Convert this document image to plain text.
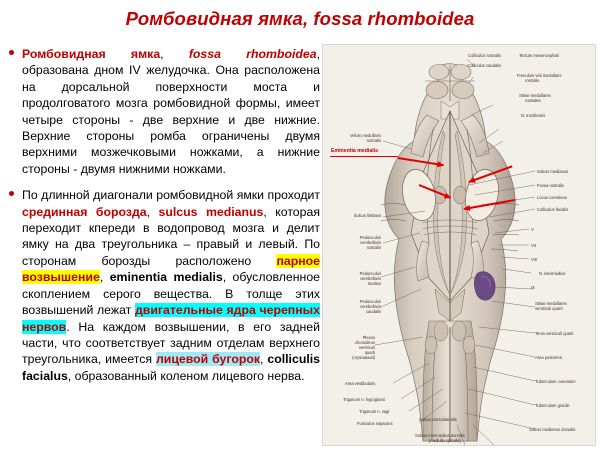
Ромбовидная ямка, fossa rhomboidea
Ромбовидная ямка, fossa rhomboidea, образована дном IV желудочка. Она расположена на дорсальной поверхности моста и продолговатого мозга ромбовидной формы, имеет четыре стороны - две верхние и две нижние. Верхние стороны ромба ограничены двумя верхними мозжечковыми ножками, а нижние стороны - двумя нижними ножками.
По длинной диагонали ромбовидной ямки проходит срединная борозда, sulcus medianus, которая переходит кпереди в водопровод мозга и делит ямку на два треугольника – правый и левый. По сторонам борозды расположено парное возвышение, eminentia medialis, обусловленное скоплением серого вещества. В толще этих возвышений лежат двигательные ядра черепных нервов. На каждом возвышении, в его задней части, что соответствует задним отделам верхнего треугольника, имеется лицевой бугорок, colliculis facialus, образованный коленом лицевого нерва.
Eminentia medialis
Colliculus rostralis	Tectum mesencephali
Colliculus caudalis
Frenulum veli medullaris
rostralis
Striae medullares
rostrales
N. trochlearis
Velum medullaris
rostralis
Sulcus limitans
Pedunculus
cerebellaris
rostralis
Pedunculus
cerebellaris
medius
Pedunculus
cerebellaris
caudalis
Plexus
choroideus
ventriculi
quarti
(отрезаный)
Area vestibularis
Trigonum n. hypoglossi
Trigonum n. vagi
Funiculus separans
Sulcus medianus
Fovea rostralis
Locus coeruleus
Colliculus facialis
V
VII
VIII
N. intermedius
IX
Striae medullares
ventriculi quarti
Tenia ventriculi quarti
Area postrema
Tuberculum cuneatum
Tuberculum gracile
Sulcus medianus dorsalis
Sulcus dorsolateralis
Sulcus intermedius dorsalis
(medulla spinalis)
